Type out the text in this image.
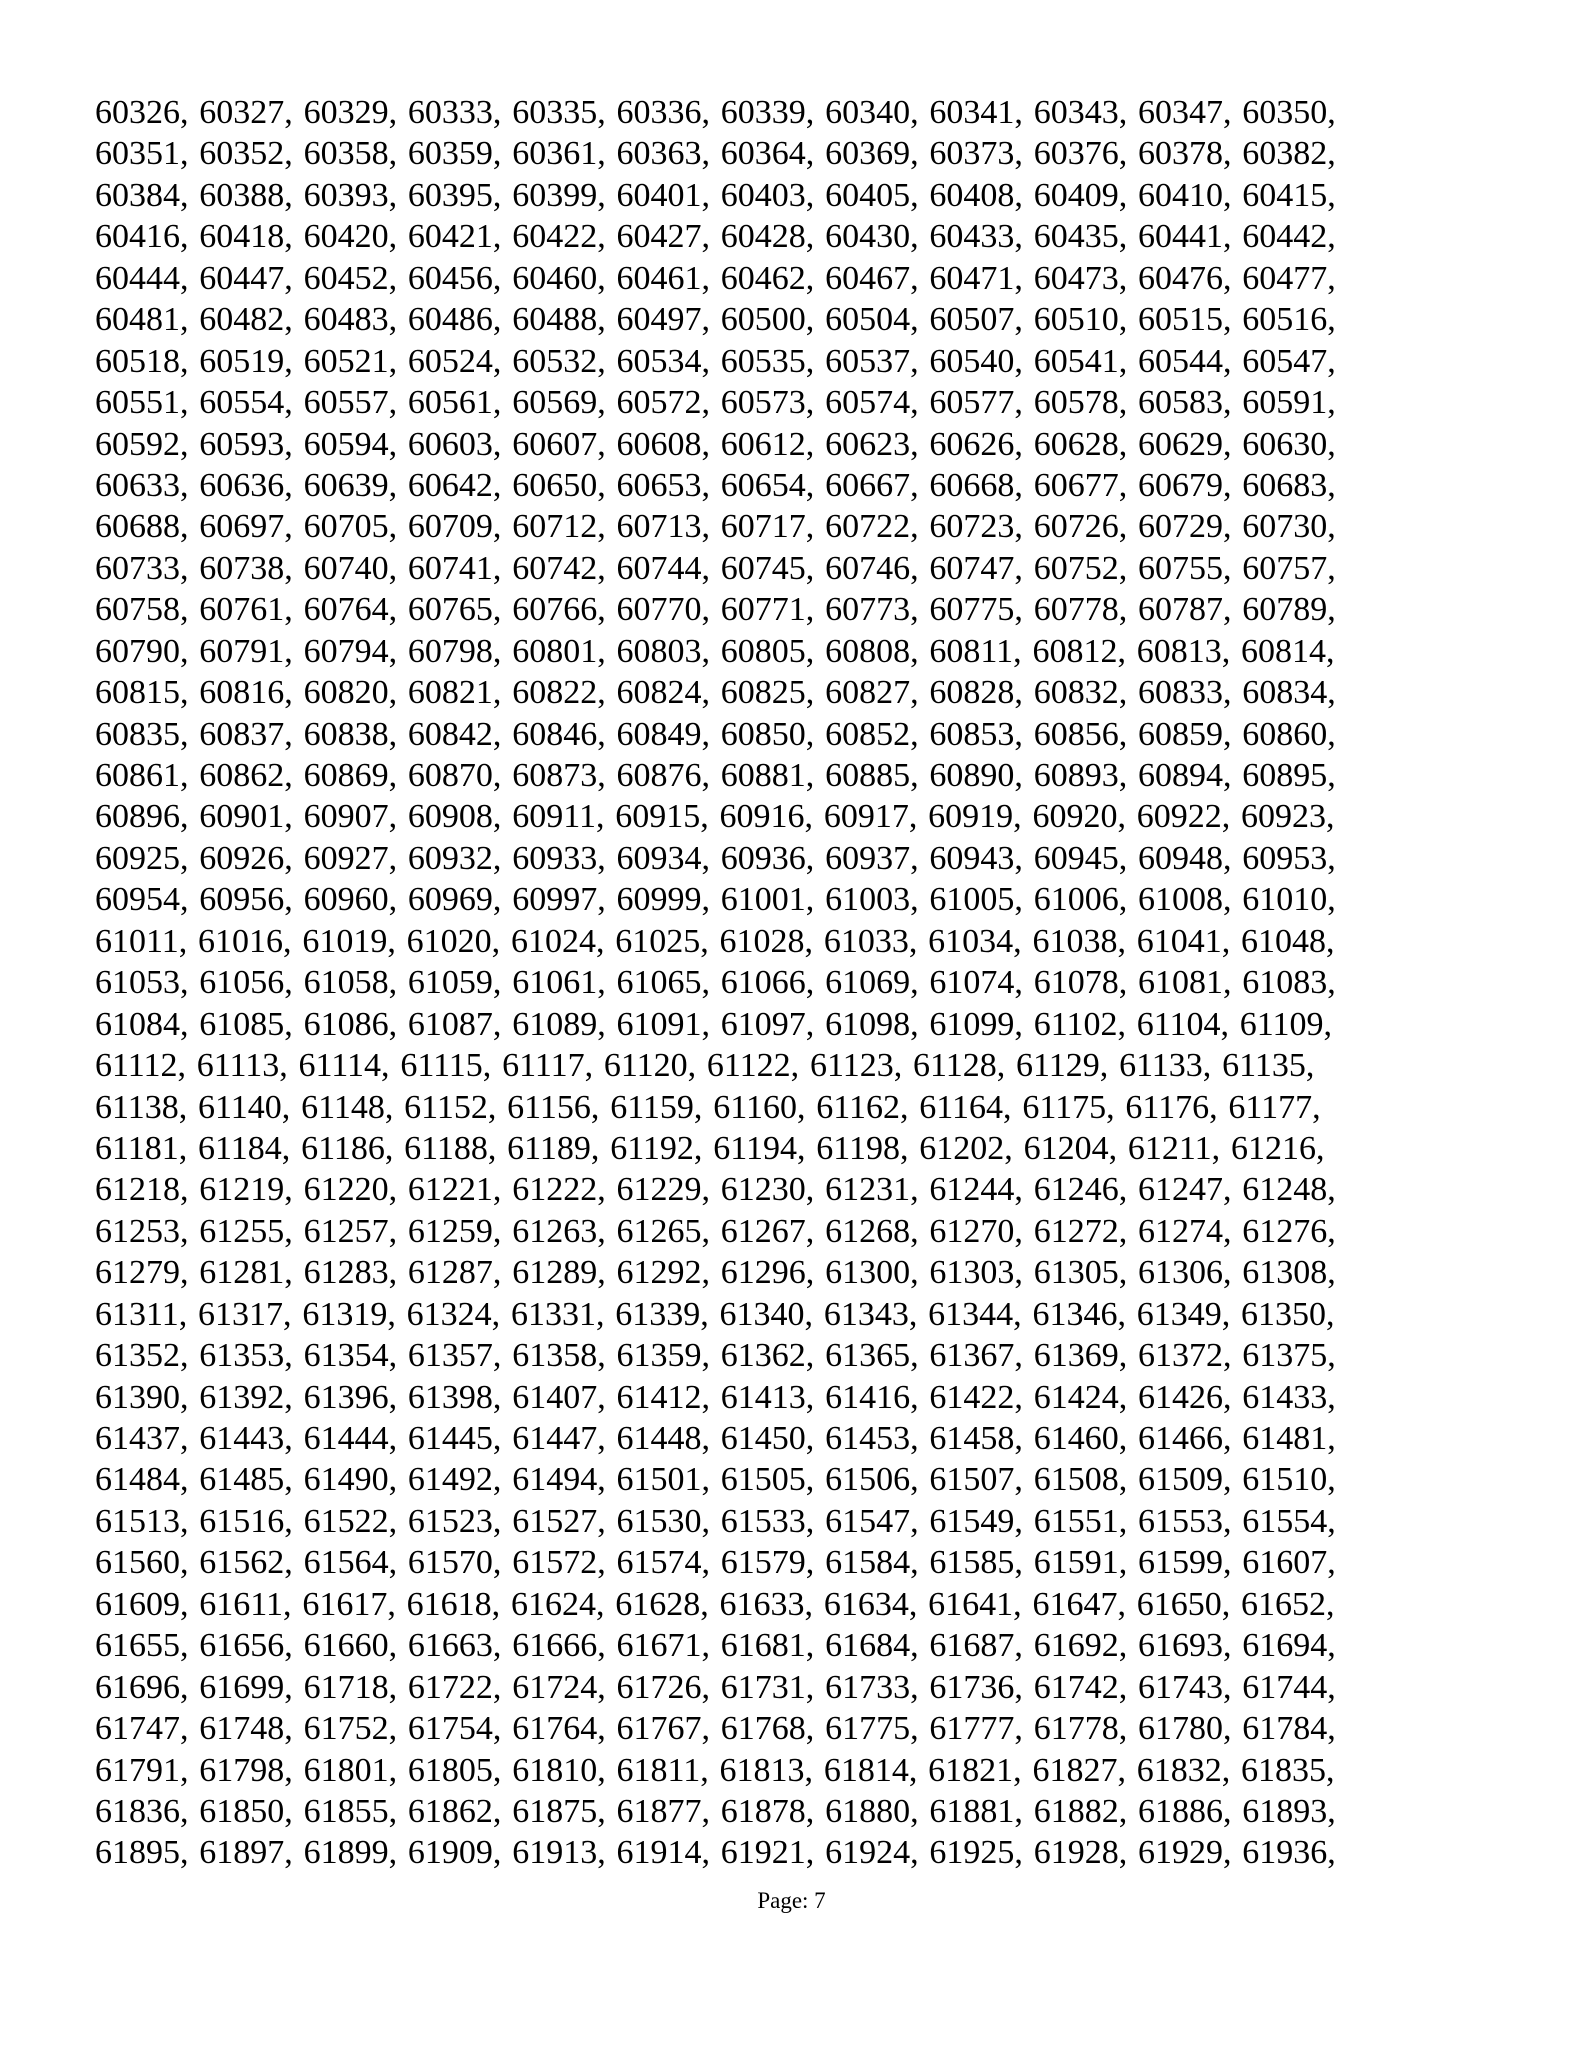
60326, 60327, 60329, 60333, 60335, 60336, 60339, 60340, 60341, 60343, 60347, 60350,
60351, 60352, 60358, 60359, 60361, 60363, 60364, 60369, 60373, 60376, 60378, 60382,
60384, 60388, 60393, 60395, 60399, 60401, 60403, 60405, 60408, 60409, 60410, 60415,
60416, 60418, 60420, 60421, 60422, 60427, 60428, 60430, 60433, 60435, 60441, 60442,
60444, 60447, 60452, 60456, 60460, 60461, 60462, 60467, 60471, 60473, 60476, 60477,
60481, 60482, 60483, 60486, 60488, 60497, 60500, 60504, 60507, 60510, 60515, 60516,
60518, 60519, 60521, 60524, 60532, 60534, 60535, 60537, 60540, 60541, 60544, 60547,
60551, 60554, 60557, 60561, 60569, 60572, 60573, 60574, 60577, 60578, 60583, 60591,
60592, 60593, 60594, 60603, 60607, 60608, 60612, 60623, 60626, 60628, 60629, 60630,
60633, 60636, 60639, 60642, 60650, 60653, 60654, 60667, 60668, 60677, 60679, 60683,
60688, 60697, 60705, 60709, 60712, 60713, 60717, 60722, 60723, 60726, 60729, 60730,
60733, 60738, 60740, 60741, 60742, 60744, 60745, 60746, 60747, 60752, 60755, 60757,
60758, 60761, 60764, 60765, 60766, 60770, 60771, 60773, 60775, 60778, 60787, 60789,
60790, 60791, 60794, 60798, 60801, 60803, 60805, 60808, 60811, 60812, 60813, 60814,
60815, 60816, 60820, 60821, 60822, 60824, 60825, 60827, 60828, 60832, 60833, 60834,
60835, 60837, 60838, 60842, 60846, 60849, 60850, 60852, 60853, 60856, 60859, 60860,
60861, 60862, 60869, 60870, 60873, 60876, 60881, 60885, 60890, 60893, 60894, 60895,
60896, 60901, 60907, 60908, 60911, 60915, 60916, 60917, 60919, 60920, 60922, 60923,
60925, 60926, 60927, 60932, 60933, 60934, 60936, 60937, 60943, 60945, 60948, 60953,
60954, 60956, 60960, 60969, 60997, 60999, 61001, 61003, 61005, 61006, 61008, 61010,
61011, 61016, 61019, 61020, 61024, 61025, 61028, 61033, 61034, 61038, 61041, 61048,
61053, 61056, 61058, 61059, 61061, 61065, 61066, 61069, 61074, 61078, 61081, 61083,
61084, 61085, 61086, 61087, 61089, 61091, 61097, 61098, 61099, 61102, 61104, 61109,
61112, 61113, 61114, 61115, 61117, 61120, 61122, 61123, 61128, 61129, 61133, 61135,
61138, 61140, 61148, 61152, 61156, 61159, 61160, 61162, 61164, 61175, 61176, 61177,
61181, 61184, 61186, 61188, 61189, 61192, 61194, 61198, 61202, 61204, 61211, 61216,
61218, 61219, 61220, 61221, 61222, 61229, 61230, 61231, 61244, 61246, 61247, 61248,
61253, 61255, 61257, 61259, 61263, 61265, 61267, 61268, 61270, 61272, 61274, 61276,
61279, 61281, 61283, 61287, 61289, 61292, 61296, 61300, 61303, 61305, 61306, 61308,
61311, 61317, 61319, 61324, 61331, 61339, 61340, 61343, 61344, 61346, 61349, 61350,
61352, 61353, 61354, 61357, 61358, 61359, 61362, 61365, 61367, 61369, 61372, 61375,
61390, 61392, 61396, 61398, 61407, 61412, 61413, 61416, 61422, 61424, 61426, 61433,
61437, 61443, 61444, 61445, 61447, 61448, 61450, 61453, 61458, 61460, 61466, 61481,
61484, 61485, 61490, 61492, 61494, 61501, 61505, 61506, 61507, 61508, 61509, 61510,
61513, 61516, 61522, 61523, 61527, 61530, 61533, 61547, 61549, 61551, 61553, 61554,
61560, 61562, 61564, 61570, 61572, 61574, 61579, 61584, 61585, 61591, 61599, 61607,
61609, 61611, 61617, 61618, 61624, 61628, 61633, 61634, 61641, 61647, 61650, 61652,
61655, 61656, 61660, 61663, 61666, 61671, 61681, 61684, 61687, 61692, 61693, 61694,
61696, 61699, 61718, 61722, 61724, 61726, 61731, 61733, 61736, 61742, 61743, 61744,
61747, 61748, 61752, 61754, 61764, 61767, 61768, 61775, 61777, 61778, 61780, 61784,
61791, 61798, 61801, 61805, 61810, 61811, 61813, 61814, 61821, 61827, 61832, 61835,
61836, 61850, 61855, 61862, 61875, 61877, 61878, 61880, 61881, 61882, 61886, 61893,
61895, 61897, 61899, 61909, 61913, 61914, 61921, 61924, 61925, 61928, 61929, 61936,
Page: 7
